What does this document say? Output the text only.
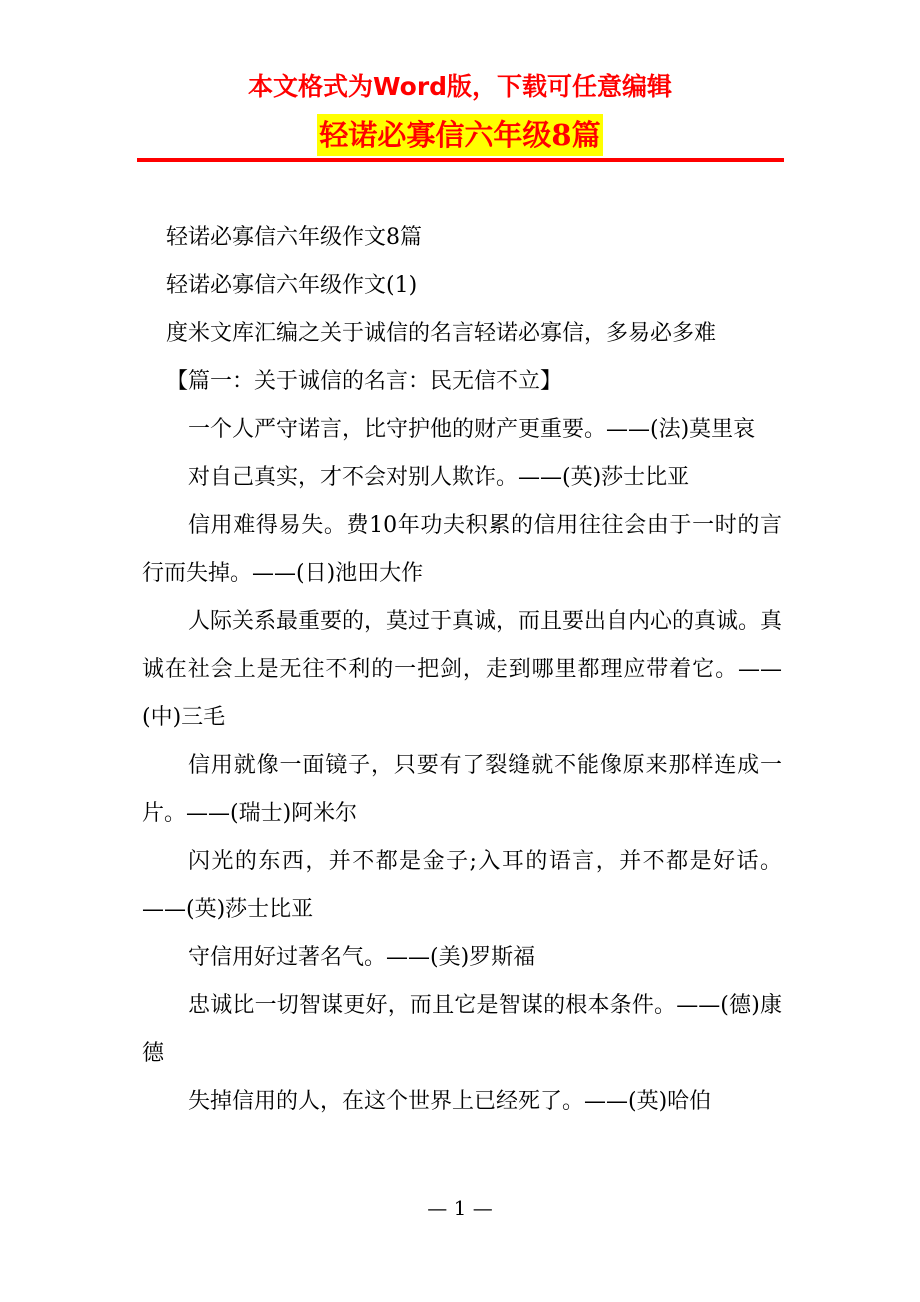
本文格式为Word版，下载可任意编辑
轻诺必寡信六年级8篇

轻诺必寡信六年级作文8篇

轻诺必寡信六年级作文(1)

度米文库汇编之关于诚信的名言轻诺必寡信，多易必多难

【篇一：关于诚信的名言：民无信不立】

一个人严守诺言，比守护他的财产更重要。——(法)莫里哀

对自己真实，才不会对别人欺诈。——(英)莎士比亚

信用难得易失。费10年功夫积累的信用往往会由于一时的言行而失掉。——(日)池田大作

人际关系最重要的，莫过于真诚，而且要出自内心的真诚。真诚在社会上是无往不利的一把剑，走到哪里都理应带着它。——(中)三毛

信用就像一面镜子，只要有了裂缝就不能像原来那样连成一片。——(瑞士)阿米尔

闪光的东西，并不都是金子;入耳的语言，并不都是好话。——(英)莎士比亚

守信用好过著名气。——(美)罗斯福

忠诚比一切智谋更好，而且它是智谋的根本条件。——(德)康德

失掉信用的人，在这个世界上已经死了。——(英)哈伯

— 1 —
